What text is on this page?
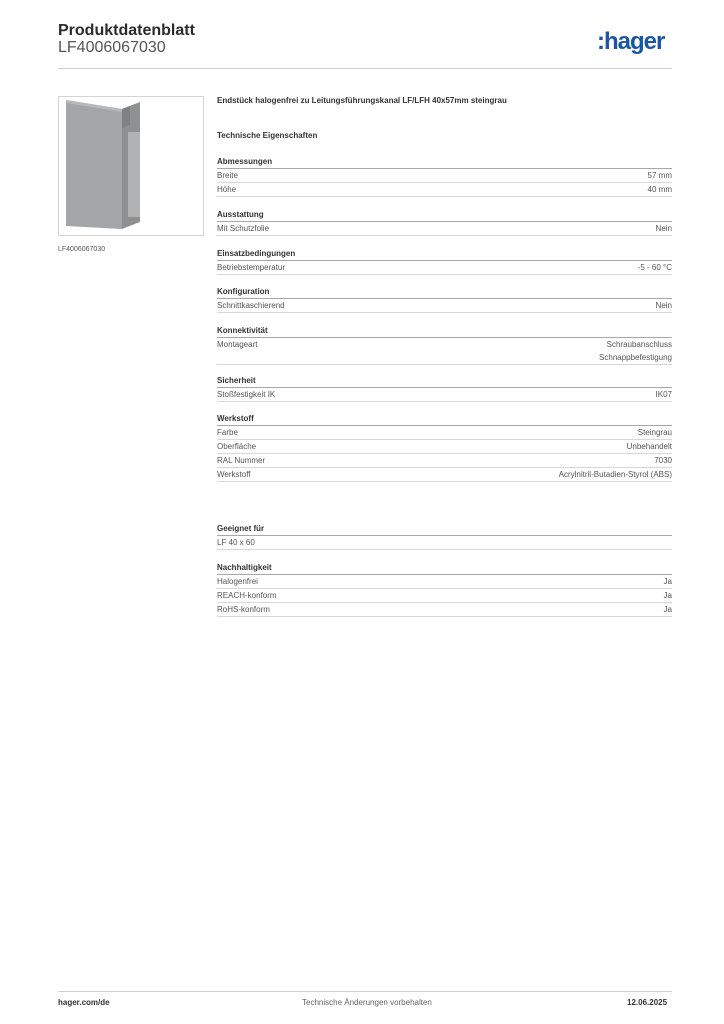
Produktdatenblatt
LF4006067030	:hager
LF4006067030
Endstück halogenfrei zu Leitungsführungskanal LF/LFH 40x57mm steingrau
Technische Eigenschaften
Abmessungen
Breite	57 mm
Höhe	40 mm
Ausstattung
Mit Schutzfolie	Nein
Einsatzbedingungen
Betriebstemperatur	-5 - 60 °C
Konfiguration
Schnittkaschierend	Nein
Konnektivität
Montageart	Schraubanschluss
Schnappbefestigung
Sicherheit
Stoßfestigkeit IK	IK07
Werkstoff
Farbe	Steingrau
Oberfläche	Unbehandelt
RAL Nummer	7030
Werkstoff	Acrylnitril-Butadien-Styrol (ABS)
Geeignet für
LF 40 x 60
Nachhaltigkeit
Halogenfrei	Ja
REACH-konform	Ja
RoHS-konform	Ja
hager.com/de	Technische Änderungen vorbehalten	12.06.2025
